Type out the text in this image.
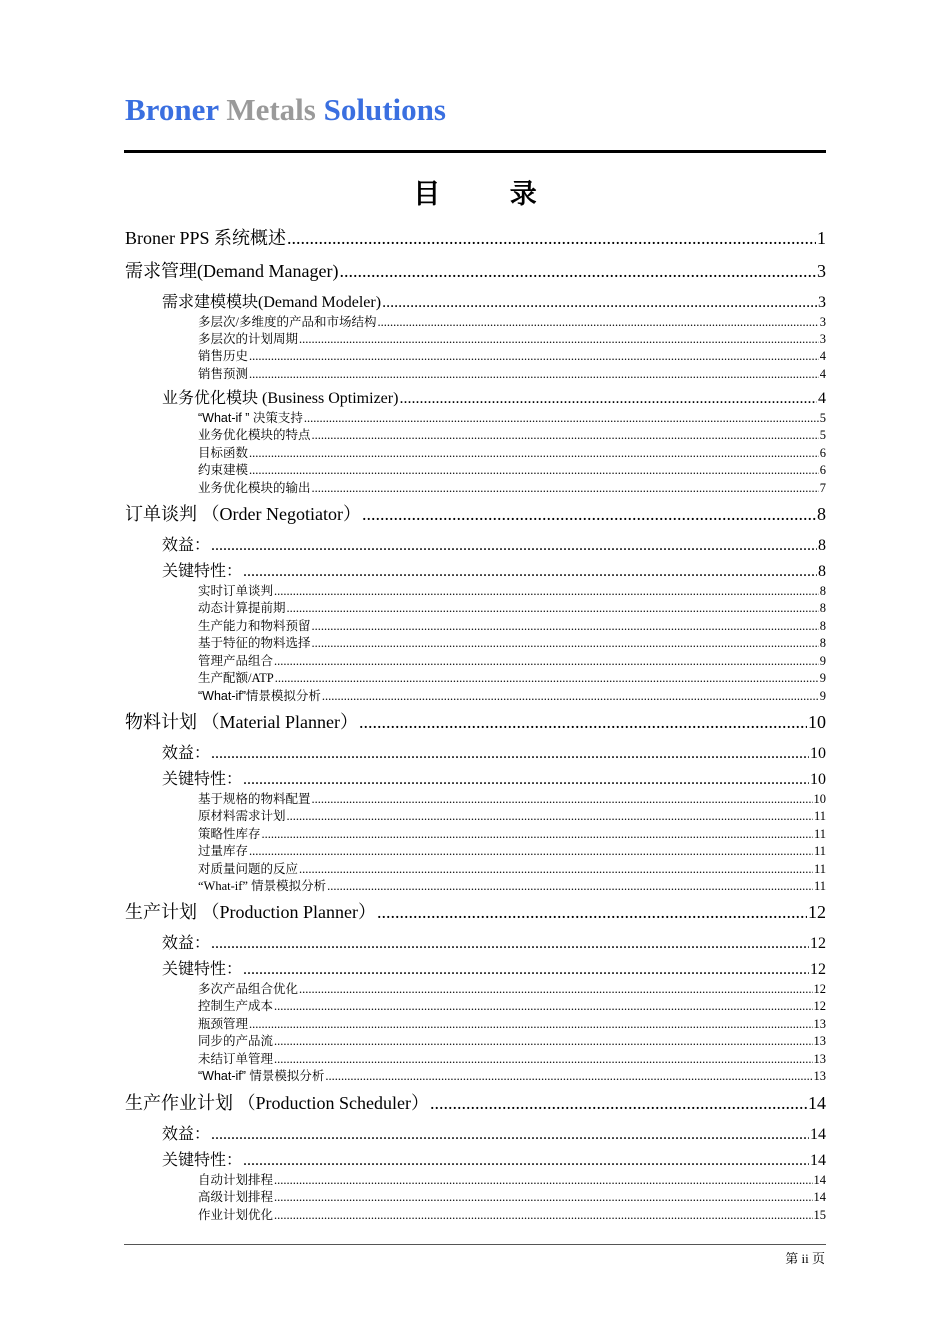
Broner Metals Solutions
目 录
Broner PPS 系统概述 .....	1
需求管理(Demand Manager) .....	3
需求建模模块(Demand Modeler) .....	3
多层次/多维度的产品和市场结构 .....	3
多层次的计划周期 .....	3
销售历史 .....	4
销售预测 .....	4
业务优化模块 (Business Optimizer) .....	4
“What-if ” 决策支持 .....	5
业务优化模块的特点 .....	5
目标函数 .....	6
约束建模 .....	6
业务优化模块的输出 .....	7
订单谈判 （Order Negotiator） .....	8
效益： .....	8
关键特性： .....	8
实时订单谈判 .....	8
动态计算提前期 .....	8
生产能力和物料预留 .....	8
基于特征的物料选择 .....	8
管理产品组合 .....	9
生产配额/ATP .....	9
“What-if”情景模拟分析 .....	9
物料计划 （Material Planner） .....	10
效益： .....	10
关键特性： .....	10
基于规格的物料配置 .....	10
原材料需求计划 .....	11
策略性库存 .....	11
过量库存 .....	11
对质量问题的反应 .....	11
“What-if” 情景模拟分析 .....	11
生产计划 （Production Planner） .....	12
效益： .....	12
关键特性： .....	12
多次产品组合优化 .....	12
控制生产成本 .....	12
瓶颈管理 .....	13
同步的产品流 .....	13
未结订单管理 .....	13
“What-if” 情景模拟分析 .....	13
生产作业计划 （Production Scheduler） .....	14
效益： .....	14
关键特性： .....	14
自动计划排程 .....	14
高级计划排程 .....	14
作业计划优化 .....	15
第 ii 页
